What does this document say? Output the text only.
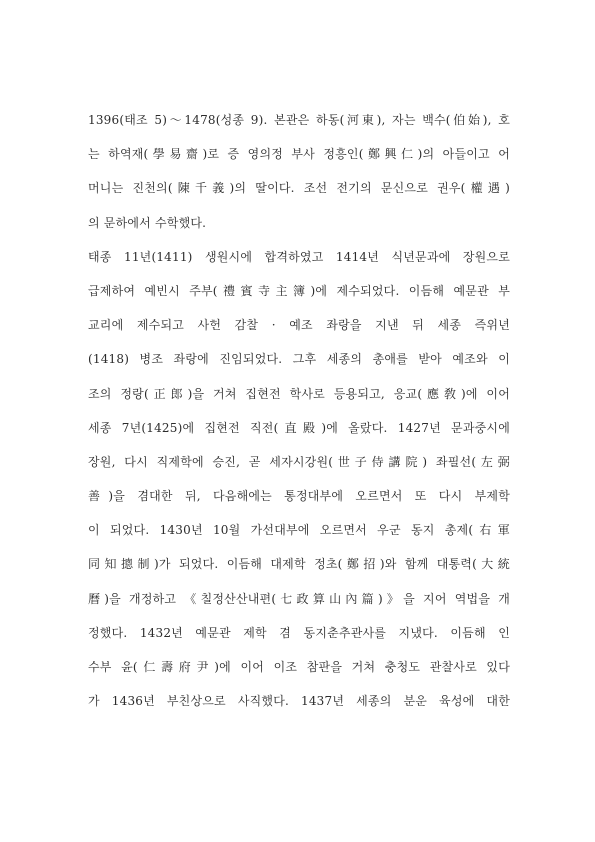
1396(태조 5)～1478(성종 9). 본관은 하동(河東), 자는 백수(伯始), 호
는 하역재(學易齋)로 증 영의정 부사 정흥인(鄭興仁)의 아들이고 어
머니는 진천의(陳千義)의 딸이다. 조선 전기의 문신으로 권우(權遇)
의 문하에서 수학했다.
태종 11년(1411) 생원시에 합격하였고 1414년 식년문과에 장원으로
급제하여 예빈시 주부(禮賓寺主簿)에 제수되었다. 이듬해 예문관 부
교리에 제수되고 사헌 감찰 · 예조 좌랑을 지낸 뒤 세종 즉위년
(1418) 병조 좌랑에 진임되었다. 그후 세종의 총애를 받아 예조와 이
조의 정랑(正郎)을 거쳐 집현전 학사로 등용되고, 응교(應敎)에 이어
세종 7년(1425)에 집현전 직전(直殿)에 올랐다. 1427년 문과중시에
장원, 다시 직제학에 승진, 곧 세자시강원(世子侍講院) 좌필선(左弼
善)을 겸대한 뒤, 다음해에는 통정대부에 오르면서 또 다시 부제학
이 되었다. 1430년 10월 가선대부에 오르면서 우군 동지 총제(右軍
同知摠制)가 되었다. 이듬해 대제학 정초(鄭招)와 함께 대통력(大統
曆)을 개정하고 《칠정산산내편(七政算山內篇)》을 지어 역법을 개
정했다. 1432년 예문관 제학 겸 동지춘추관사를 지냈다. 이듬해 인
수부 윤(仁壽府尹)에 이어 이조 참판을 거쳐 충청도 관찰사로 있다
가 1436년 부친상으로 사직했다. 1437년 세종의 분운 육성에 대한
